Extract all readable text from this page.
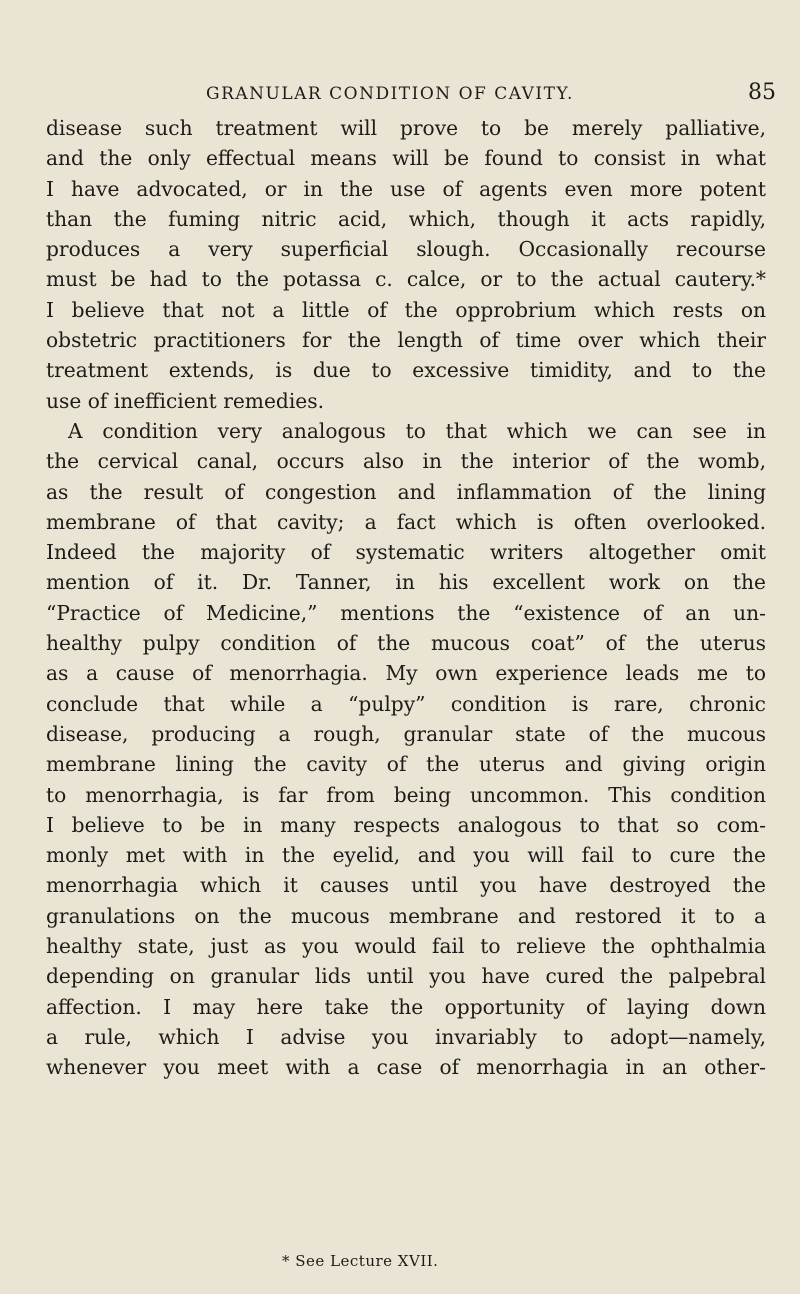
GRANULAR CONDITION OF CAVITY.	85
disease such treatment will prove to be merely palliative,
and the only effectual means will be found to consist in what
I have advocated, or in the use of agents even more potent
than the fuming nitric acid, which, though it acts rapidly,
produces a very superficial slough. Occasionally recourse
must be had to the potassa c. calce, or to the actual cautery.*
I believe that not a little of the opprobrium which rests on
obstetric practitioners for the length of time over which their
treatment extends, is due to excessive timidity, and to the
use of inefficient remedies.
A condition very analogous to that which we can see in
the cervical canal, occurs also in the interior of the womb,
as the result of congestion and inflammation of the lining
membrane of that cavity; a fact which is often overlooked.
Indeed the majority of systematic writers altogether omit
mention of it. Dr. Tanner, in his excellent work on the
“Practice of Medicine,” mentions the “existence of an un-
healthy pulpy condition of the mucous coat” of the uterus
as a cause of menorrhagia. My own experience leads me to
conclude that while a “pulpy” condition is rare, chronic
disease, producing a rough, granular state of the mucous
membrane lining the cavity of the uterus and giving origin
to menorrhagia, is far from being uncommon. This condition
I believe to be in many respects analogous to that so com-
monly met with in the eyelid, and you will fail to cure the
menorrhagia which it causes until you have destroyed the
granulations on the mucous membrane and restored it to a
healthy state, just as you would fail to relieve the ophthalmia
depending on granular lids until you have cured the palpebral
affection. I may here take the opportunity of laying down
a rule, which I advise you invariably to adopt—namely,
whenever you meet with a case of menorrhagia in an other-
* See Lecture XVII.
